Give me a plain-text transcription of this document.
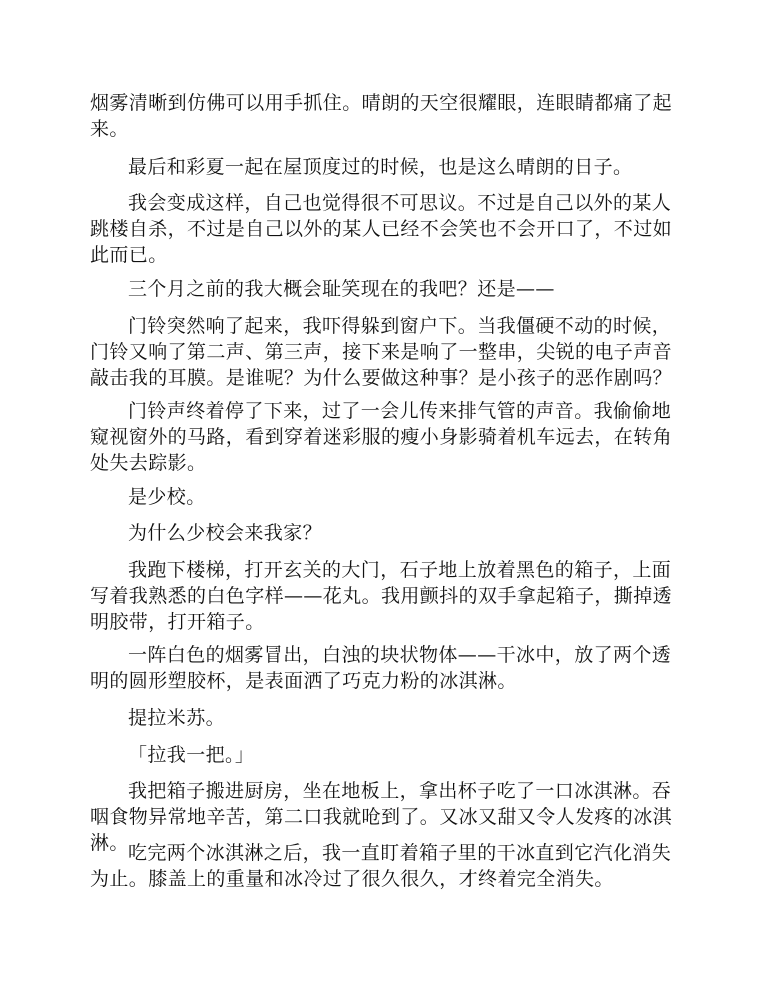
烟雾清晰到仿佛可以用手抓住。晴朗的天空很耀眼，连眼睛都痛了起来。

最后和彩夏一起在屋顶度过的时候，也是这么晴朗的日子。

我会变成这样，自己也觉得很不可思议。不过是自己以外的某人跳楼自杀，不过是自己以外的某人已经不会笑也不会开口了，不过如此而已。

三个月之前的我大概会耻笑现在的我吧？还是——

门铃突然响了起来，我吓得躲到窗户下。当我僵硬不动的时候，门铃又响了第二声、第三声，接下来是响了一整串，尖锐的电子声音敲击我的耳膜。是谁呢？为什么要做这种事？是小孩子的恶作剧吗？

门铃声终着停了下来，过了一会儿传来排气管的声音。我偷偷地窥视窗外的马路，看到穿着迷彩服的瘦小身影骑着机车远去，在转角处失去踪影。

是少校。

为什么少校会来我家？

我跑下楼梯，打开玄关的大门，石子地上放着黑色的箱子，上面写着我熟悉的白色字样——花丸。我用颤抖的双手拿起箱子，撕掉透明胶带，打开箱子。

一阵白色的烟雾冒出，白浊的块状物体——干冰中，放了两个透明的圆形塑胶杯，是表面洒了巧克力粉的冰淇淋。

提拉米苏。

「拉我一把。」

我把箱子搬进厨房，坐在地板上，拿出杯子吃了一口冰淇淋。吞咽食物异常地辛苦，第二口我就呛到了。又冰又甜又令人发疼的冰淇淋。 吃完两个冰淇淋之后，我一直盯着箱子里的干冰直到它汽化消失为止。膝盖上的重量和冰冷过了很久很久，才终着完全消失。
